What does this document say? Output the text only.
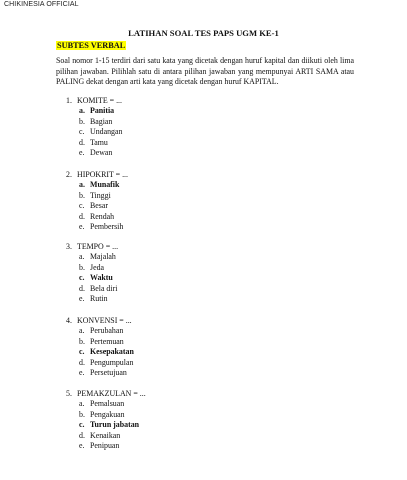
CHIKINESIA OFFICIAL
LATIHAN SOAL TES PAPS UGM KE-1
SUBTES VERBAL
Soal nomor 1-15 terdiri dari satu kata yang dicetak dengan huruf kapital dan diikuti oleh lima pilihan jawaban. Pilihlah satu di antara pilihan jawaban yang mempunyai ARTI SAMA atau PALING dekat dengan arti kata yang dicetak dengan huruf KAPITAL.
1. KOMITE = ...
a. Panitia
b. Bagian
c. Undangan
d. Tamu
e. Dewan
2. HIPOKRIT = ...
a. Munafik
b. Tinggi
c. Besar
d. Rendah
e. Pembersih
3. TEMPO = ...
a. Majalah
b. Jeda
c. Waktu
d. Bela diri
e. Rutin
4. KONVENSI = ...
a. Perubahan
b. Pertemuan
c. Kesepakatan
d. Pengumpulan
e. Persetujuan
5. PEMAKZULAN = ...
a. Pemalsuan
b. Pengakuan
c. Turun jabatan
d. Kenaikan
e. Penipuan
